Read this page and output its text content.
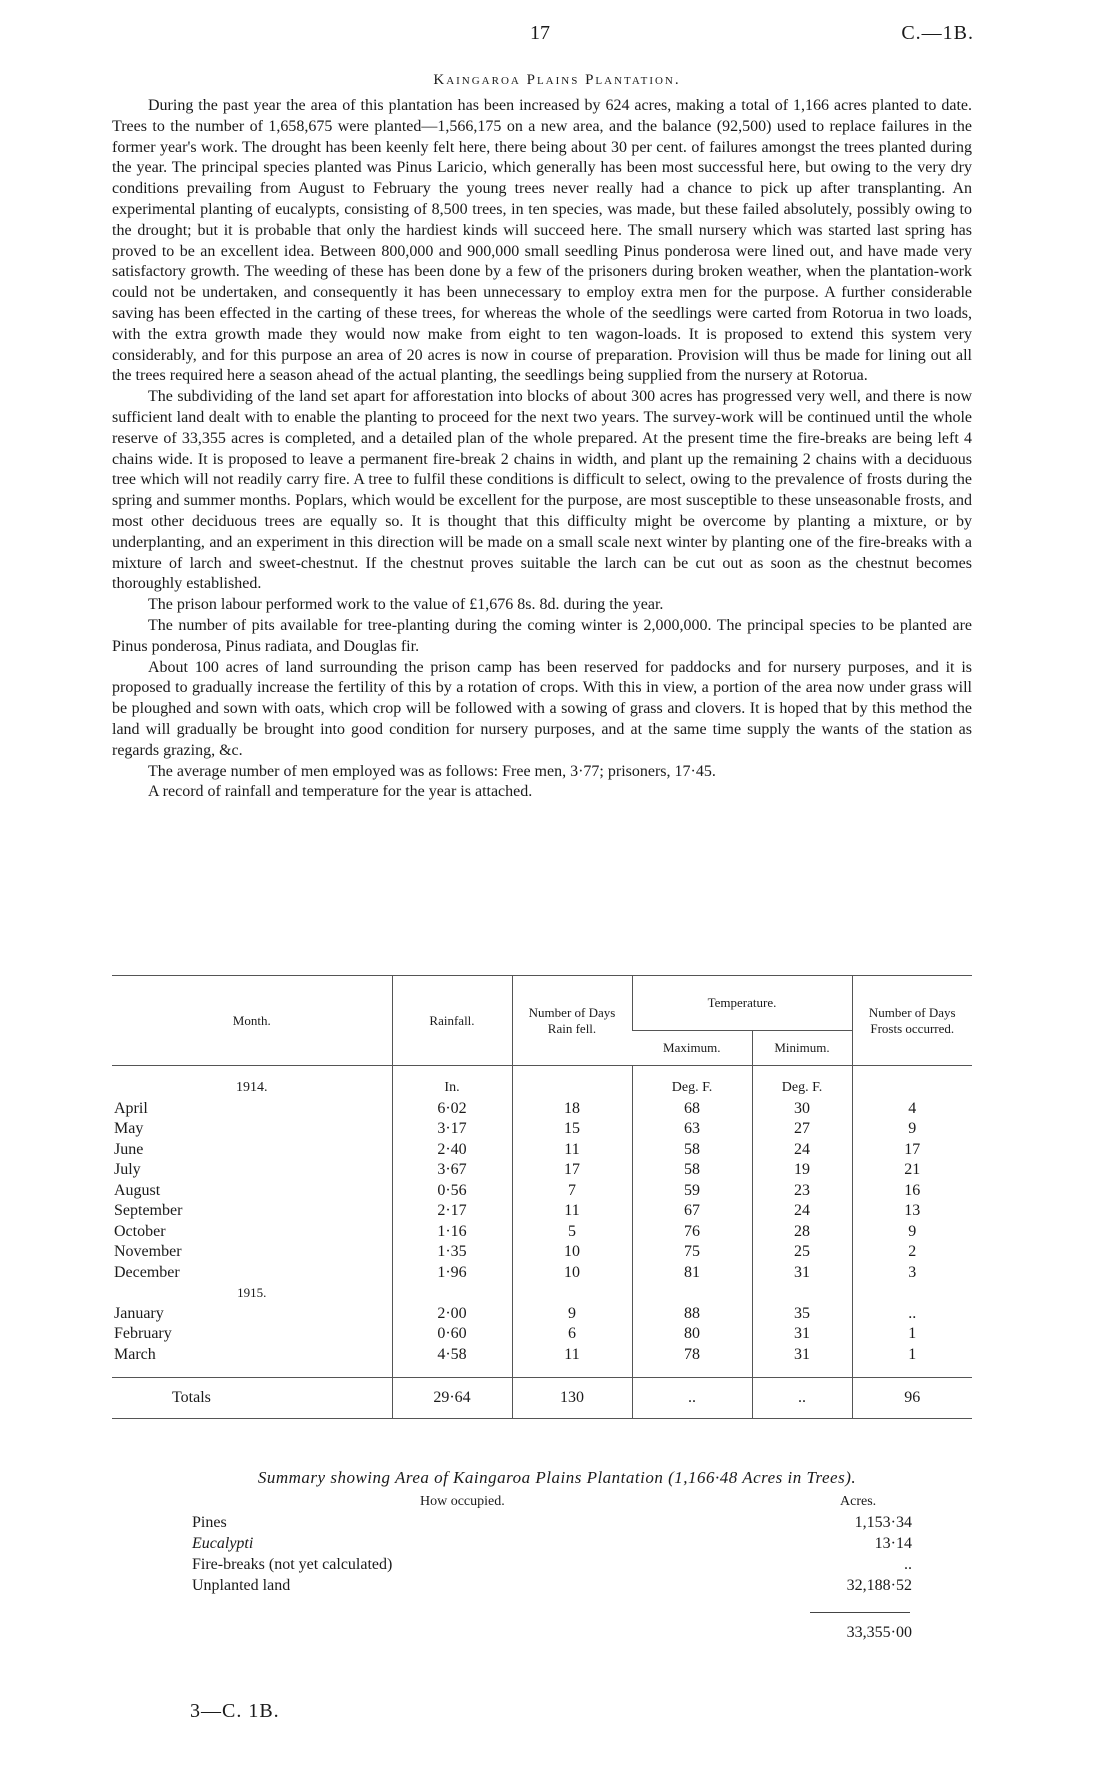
17	C.—1B.
Kaingaroa Plains Plantation.

During the past year the area of this plantation has been increased by 624 acres, making a total of 1,166 acres planted to date. Trees to the number of 1,658,675 were planted—1,566,175 on a new area, and the balance (92,500) used to replace failures in the former year's work. The drought has been keenly felt here, there being about 30 per cent. of failures amongst the trees planted during the year. The principal species planted was Pinus Laricio, which generally has been most successful here, but owing to the very dry conditions prevailing from August to February the young trees never really had a chance to pick up after transplanting. An experimental planting of eucalypts, consisting of 8,500 trees, in ten species, was made, but these failed absolutely, possibly owing to the drought; but it is probable that only the hardiest kinds will succeed here. The small nursery which was started last spring has proved to be an excellent idea. Between 800,000 and 900,000 small seedling Pinus ponderosa were lined out, and have made very satisfactory growth. The weeding of these has been done by a few of the prisoners during broken weather, when the plantation-work could not be undertaken, and consequently it has been unnecessary to employ extra men for the purpose. A further considerable saving has been effected in the carting of these trees, for whereas the whole of the seedlings were carted from Rotorua in two loads, with the extra growth made they would now make from eight to ten wagon-loads. It is proposed to extend this system very considerably, and for this purpose an area of 20 acres is now in course of preparation. Provision will thus be made for lining out all the trees required here a season ahead of the actual planting, the seedlings being supplied from the nursery at Rotorua.

The subdividing of the land set apart for afforestation into blocks of about 300 acres has progressed very well, and there is now sufficient land dealt with to enable the planting to proceed for the next two years. The survey-work will be continued until the whole reserve of 33,355 acres is completed, and a detailed plan of the whole prepared. At the present time the fire-breaks are being left 4 chains wide. It is proposed to leave a permanent fire-break 2 chains in width, and plant up the remaining 2 chains with a deciduous tree which will not readily carry fire. A tree to fulfil these conditions is difficult to select, owing to the prevalence of frosts during the spring and summer months. Poplars, which would be excellent for the purpose, are most susceptible to these unseasonable frosts, and most other deciduous trees are equally so. It is thought that this difficulty might be overcome by planting a mixture, or by underplanting, and an experiment in this direction will be made on a small scale next winter by planting one of the fire-breaks with a mixture of larch and sweet-chestnut. If the chestnut proves suitable the larch can be cut out as soon as the chestnut becomes thoroughly established.

The prison labour performed work to the value of £1,676 8s. 8d. during the year.

The number of pits available for tree-planting during the coming winter is 2,000,000. The principal species to be planted are Pinus ponderosa, Pinus radiata, and Douglas fir.

About 100 acres of land surrounding the prison camp has been reserved for paddocks and for nursery purposes, and it is proposed to gradually increase the fertility of this by a rotation of crops. With this in view, a portion of the area now under grass will be ploughed and sown with oats, which crop will be followed with a sowing of grass and clovers. It is hoped that by this method the land will gradually be brought into good condition for nursery purposes, and at the same time supply the wants of the station as regards grazing, &c.

The average number of men employed was as follows: Free men, 3·77; prisoners, 17·45.

A record of rainfall and temperature for the year is attached.

Month.	Rainfall.	Number of Days Rain fell.	Temperature.		Number of Days Frosts occurred.
			Maximum.	Minimum.	

1914.	In.		Deg. F.	Deg. F.	
April	6·02	18	68	30	4
May	3·17	15	63	27	9
June	2·40	11	58	24	17
July	3·67	17	58	19	21
August	0·56	7	59	23	16
September	2·17	11	67	24	13
October	1·16	5	76	28	9
November	1·35	10	75	25	2
December	1·96	10	81	31	3
1915.					
January	2·00	9	88	35	..
February	0·60	6	80	31	1
March	4·58	11	78	31	1

Totals	29·64	130	..	..	96
Summary showing Area of Kaingaroa Plains Plantation (1,166·48 Acres in Trees).
How occupied.	Acres.
Pines	1,153·34
Eucalypti	13·14
Fire-breaks (not yet calculated)	..
Unplanted land	32,188·52
33,355·00
3—C. 1B.
